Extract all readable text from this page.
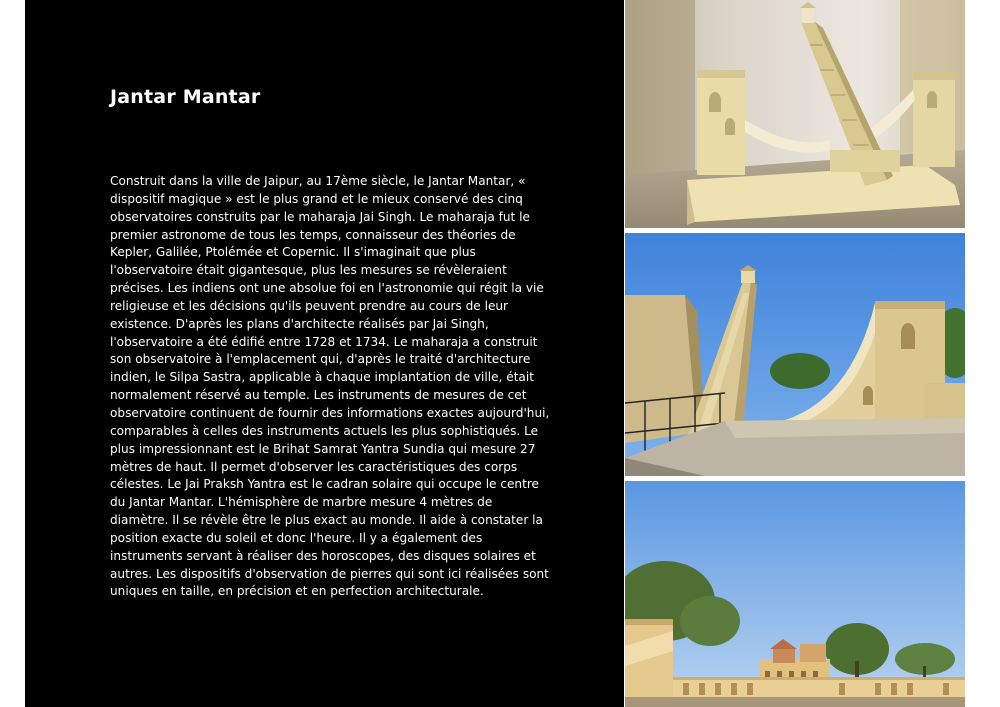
Jantar Mantar

Construit dans la ville de Jaipur, au 17ème siècle, le Jantar Mantar, « dispositif magique » est le plus grand et le mieux conservé des cinq observatoires construits par le maharaja Jai Singh. Le maharaja fut le premier astronome de tous les temps, connaisseur des théories de Kepler, Galilée, Ptolémée et Copernic. Il s'imaginait que plus l'observatoire était gigantesque, plus les mesures se révèleraient précises. Les indiens ont une absolue foi en l'astronomie qui régit la vie religieuse et les décisions qu'ils peuvent prendre au cours de leur existence. D'après les plans d'architecte réalisés par Jai Singh, l'observatoire a été édifié entre 1728 et 1734. Le maharaja a construit son observatoire à l'emplacement qui, d'après le traité d'architecture indien, le Silpa Sastra, applicable à chaque implantation de ville, était normalement réservé au temple. Les instruments de mesures de cet observatoire continuent de fournir des informations exactes aujourd'hui, comparables à celles des instruments actuels les plus sophistiqués. Le plus impressionnant est le Brihat Samrat Yantra Sundia qui mesure 27 mètres de haut. Il permet d'observer les caractéristiques des corps célestes. Le Jai Praksh Yantra est le cadran solaire qui occupe le centre du Jantar Mantar. L'hémisphère de marbre mesure 4 mètres de diamètre. Il se révèle être le plus exact au monde. Il aide à constater la position exacte du soleil et donc l'heure. Il y a également des instruments servant à réaliser des horoscopes, des disques solaires et autres. Les dispositifs d'observation de pierres qui sont ici réalisées sont uniques en taille, en précision et en perfection architecturale.
